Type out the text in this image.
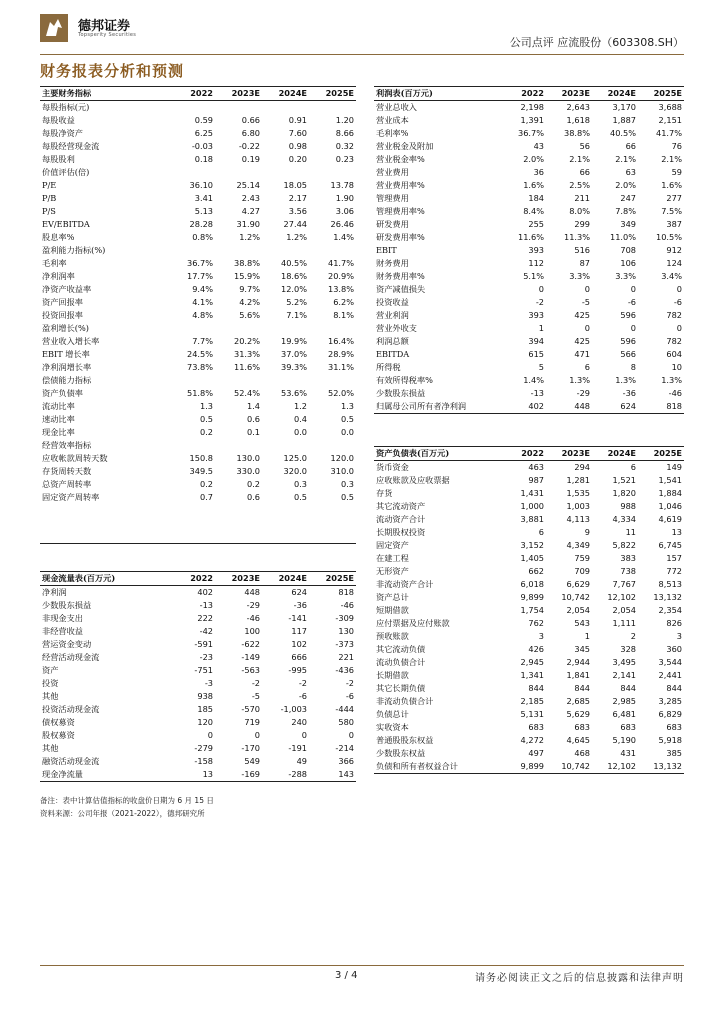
德邦证券
Topsperity Securities
公司点评 应流股份（603308.SH）
财务报表分析和预测
主要财务指标	2022	2023E	2024E	2025E
每股指标(元)				
每股收益	0.59	0.66	0.91	1.20
每股净资产	6.25	6.80	7.60	8.66
每股经营现金流	-0.03	-0.22	0.98	0.32
每股股利	0.18	0.19	0.20	0.23
价值评估(倍)				
P/E	36.10	25.14	18.05	13.78
P/B	3.41	2.43	2.17	1.90
P/S	5.13	4.27	3.56	3.06
EV/EBITDA	28.28	31.90	27.44	26.46
股息率%	0.8%	1.2%	1.2%	1.4%
盈利能力指标(%)				
毛利率	36.7%	38.8%	40.5%	41.7%
净利润率	17.7%	15.9%	18.6%	20.9%
净资产收益率	9.4%	9.7%	12.0%	13.8%
资产回报率	4.1%	4.2%	5.2%	6.2%
投资回报率	4.8%	5.6%	7.1%	8.1%
盈利增长(%)				
营业收入增长率	7.7%	20.2%	19.9%	16.4%
EBIT 增长率	24.5%	31.3%	37.0%	28.9%
净利润增长率	73.8%	11.6%	39.3%	31.1%
偿债能力指标				
资产负债率	51.8%	52.4%	53.6%	52.0%
流动比率	1.3	1.4	1.2	1.3
速动比率	0.5	0.6	0.4	0.5
现金比率	0.2	0.1	0.0	0.0
经营效率指标				
应收帐款周转天数	150.8	130.0	125.0	120.0
存货周转天数	349.5	330.0	320.0	310.0
总资产周转率	0.2	0.2	0.3	0.3
固定资产周转率	0.7	0.6	0.5	0.5

利润表(百万元)	2022	2023E	2024E	2025E
营业总收入	2,198	2,643	3,170	3,688
营业成本	1,391	1,618	1,887	2,151
毛利率%	36.7%	38.8%	40.5%	41.7%
营业税金及附加	43	56	66	76
营业税金率%	2.0%	2.1%	2.1%	2.1%
营业费用	36	66	63	59
营业费用率%	1.6%	2.5%	2.0%	1.6%
管理费用	184	211	247	277
管理费用率%	8.4%	8.0%	7.8%	7.5%
研发费用	255	299	349	387
研发费用率%	11.6%	11.3%	11.0%	10.5%
EBIT	393	516	708	912
财务费用	112	87	106	124
财务费用率%	5.1%	3.3%	3.3%	3.4%
资产减值损失	0	0	0	0
投资收益	-2	-5	-6	-6
营业利润	393	425	596	782
营业外收支	1	0	0	0
利润总额	394	425	596	782
EBITDA	615	471	566	604
所得税	5	6	8	10
有效所得税率%	1.4%	1.3%	1.3%	1.3%
少数股东损益	-13	-29	-36	-46
归属母公司所有者净利润	402	448	624	818
资产负债表(百万元)	2022	2023E	2024E	2025E
货币资金	463	294	6	149
应收账款及应收票据	987	1,281	1,521	1,541
存货	1,431	1,535	1,820	1,884
其它流动资产	1,000	1,003	988	1,046
流动资产合计	3,881	4,113	4,334	4,619
长期股权投资	6	9	11	13
固定资产	3,152	4,349	5,822	6,745
在建工程	1,405	759	383	157
无形资产	662	709	738	772
非流动资产合计	6,018	6,629	7,767	8,513
资产总计	9,899	10,742	12,102	13,132
短期借款	1,754	2,054	2,054	2,354
应付票据及应付账款	762	543	1,111	826
预收账款	3	1	2	3
其它流动负债	426	345	328	360
流动负债合计	2,945	2,944	3,495	3,544
长期借款	1,341	1,841	2,141	2,441
其它长期负债	844	844	844	844
非流动负债合计	2,185	2,685	2,985	3,285
负债总计	5,131	5,629	6,481	6,829
实收资本	683	683	683	683
普通股股东权益	4,272	4,645	5,190	5,918
少数股东权益	497	468	431	385
负债和所有者权益合计	9,899	10,742	12,102	13,132
现金流量表(百万元)	2022	2023E	2024E	2025E
净利润	402	448	624	818
少数股东损益	-13	-29	-36	-46
非现金支出	222	-46	-141	-309
非经营收益	-42	100	117	130
营运资金变动	-591	-622	102	-373
经营活动现金流	-23	-149	666	221
资产	-751	-563	-995	-436
投资	-3	-2	-2	-2
其他	938	-5	-6	-6
投资活动现金流	185	-570	-1,003	-444
债权募资	120	719	240	580
股权募资	0	0	0	0
其他	-279	-170	-191	-214
融资活动现金流	-158	549	49	366
现金净流量	13	-169	-288	143
备注：表中计算估值指标的收盘价日期为 6 月 15 日
资料来源：公司年报（2021-2022），德邦研究所
3 / 4	请务必阅读正文之后的信息披露和法律声明
